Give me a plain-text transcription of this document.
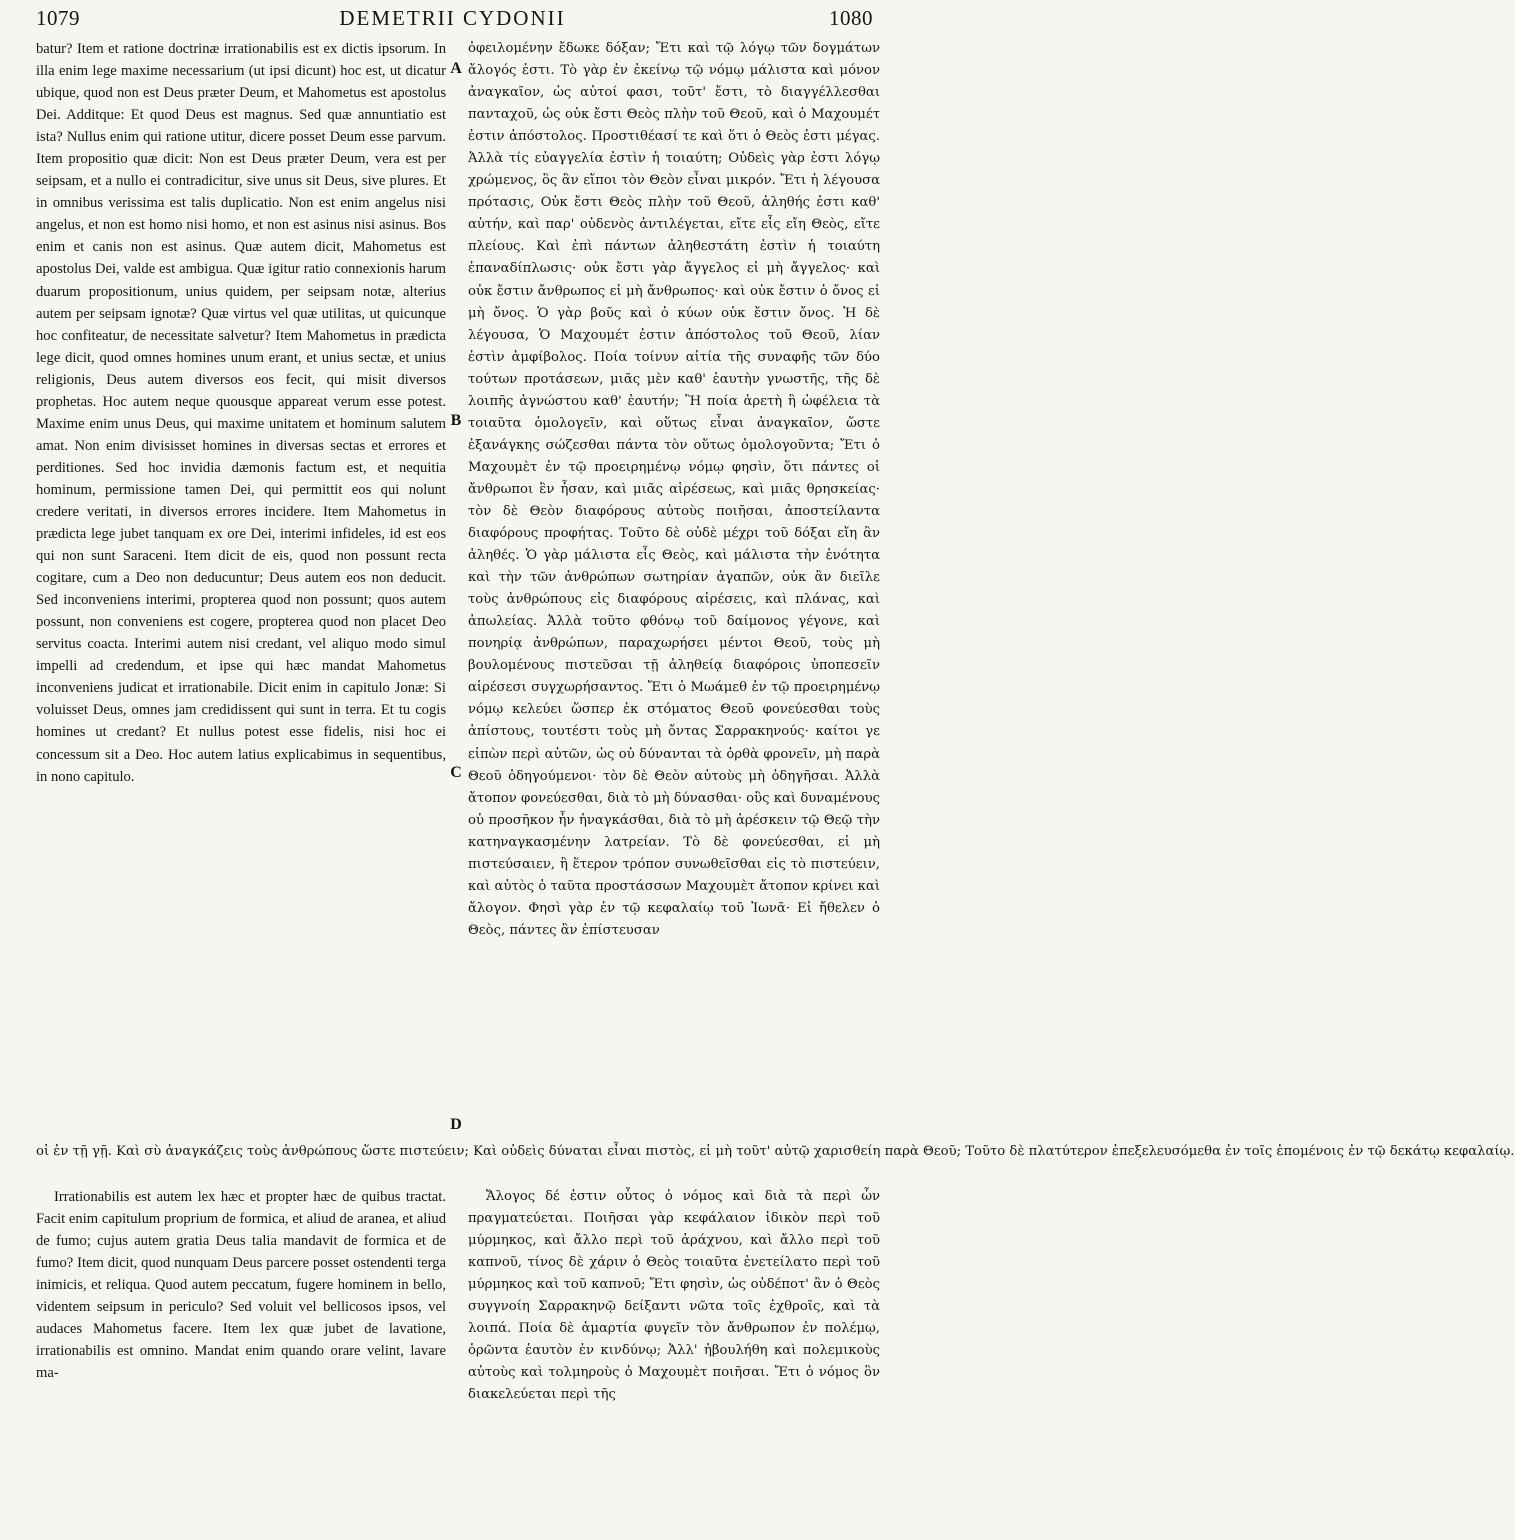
1079	DEMETRII CYDONII	1080

batur? Item et ratione doctrinæ irrationabilis est ex dictis ipsorum. In illa enim lege maxime necessarium (ut ipsi dicunt) hoc est, ut dicatur ubique, quod non est Deus præter Deum, et Mahometus est apostolus Dei. Additque: Et quod Deus est magnus. Sed quæ annuntiatio est ista? Nullus enim qui ratione utitur, dicere posset Deum esse parvum. Item propositio quæ dicit: Non est Deus præter Deum, vera est per seipsam, et a nullo ei contradicitur, sive unus sit Deus, sive plures. Et in omnibus verissima est talis duplicatio. Non est enim angelus nisi angelus, et non est homo nisi homo, et non est asinus nisi asinus. Bos enim et canis non est asinus. Quæ autem dicit, Mahometus est apostolus Dei, valde est ambigua. Quæ igitur ratio connexionis harum duarum propositionum, unius quidem, per seipsam notæ, alterius autem per seipsam ignotæ? Quæ virtus vel quæ utilitas, ut quicunque hoc confiteatur, de necessitate salvetur? Item Mahometus in prædicta lege dicit, quod omnes homines unum erant, et unius sectæ, et unius religionis, Deus autem diversos eos fecit, qui misit diversos prophetas. Hoc autem neque quousque appareat verum esse potest. Maxime enim unus Deus, qui maxime unitatem et hominum salutem amat. Non enim divisisset homines in diversas sectas et errores et perditiones. Sed hoc invidia dæmonis factum est, et nequitia hominum, permissione tamen Dei, qui permittit eos qui nolunt credere veritati, in diversos errores incidere. Item Mahometus in prædicta lege jubet tanquam ex ore Dei, interimi infideles, id est eos qui non sunt Saraceni. Item dicit de eis, quod non possunt recta cogitare, cum a Deo non deducuntur; Deus autem eos non deducit. Sed inconveniens interimi, propterea quod non possunt; quos autem possunt, non conveniens est cogere, propterea quod non placet Deo servitus coacta. Interimi autem nisi credant, vel aliquo modo simul impelli ad credendum, et ipse qui hæc mandat Mahometus inconveniens judicat et irrationabile. Dicit enim in capitulo Jonæ: Si voluisset Deus, omnes jam credidissent qui sunt in terra. Et tu cogis homines ut credant? Et nullus potest esse fidelis, nisi hoc ei concessum sit a Deo. Hoc autem latius explicabimus in sequentibus, in nono capitulo.

ὀφειλομένην ἔδωκε δόξαν; Ἔτι καὶ τῷ λόγῳ τῶν δογμάτων ἄλογός ἐστι. Τὸ γὰρ ἐν ἐκείνῳ τῷ νόμῳ μάλιστα καὶ μόνον ἀναγκαῖον, ὡς αὐτοί φασι, τοῦτ' ἔστι, τὸ διαγγέλλεσθαι πανταχοῦ, ὡς οὐκ ἔστι Θεὸς πλὴν τοῦ Θεοῦ, καὶ ὁ Μαχουμέτ ἐστιν ἀπόστολος. Προστιθέασί τε καὶ ὅτι ὁ Θεὸς ἐστι μέγας. Ἀλλὰ τίς εὐαγγελία ἐστὶν ἡ τοιαύτη; Οὐδεὶς γὰρ ἐστι λόγῳ χρώμενος, ὃς ἂν εἴποι τὸν Θεὸν εἶναι μικρόν. Ἔτι ἡ λέγουσα πρότασις, Οὐκ ἔστι Θεὸς πλὴν τοῦ Θεοῦ, ἀληθής ἐστι καθ' αὑτήν, καὶ παρ' οὐδενὸς ἀντιλέγεται, εἴτε εἷς εἴη Θεὸς, εἴτε πλείους. Καὶ ἐπὶ πάντων ἀληθεστάτη ἐστὶν ἡ τοιαύτη ἐπαναδίπλωσις· οὐκ ἔστι γὰρ ἄγγελος εἰ μὴ ἄγγελος· καὶ οὐκ ἔστιν ἄνθρωπος εἰ μὴ ἄνθρωπος· καὶ οὐκ ἔστιν ὁ ὄνος εἰ μὴ ὄνος. Ὁ γὰρ βοῦς καὶ ὁ κύων οὐκ ἔστιν ὄνος. Ἡ δὲ λέγουσα, Ὁ Μαχουμέτ ἐστιν ἀπόστολος τοῦ Θεοῦ, λίαν ἐστὶν ἀμφίβολος. Ποία τοίνυν αἰτία τῆς συναφῆς τῶν δύο τούτων προτάσεων, μιᾶς μὲν καθ' ἑαυτὴν γνωστῆς, τῆς δὲ λοιπῆς ἀγνώστου καθ' ἑαυτήν; Ἢ ποία ἀρετὴ ἢ ὠφέλεια τὰ τοιαῦτα ὁμολογεῖν, καὶ οὕτως εἶναι ἀναγκαῖον, ὥστε ἐξανάγκης σώζεσθαι πάντα τὸν οὕτως ὁμολογοῦντα; Ἔτι ὁ Μαχουμὲτ ἐν τῷ προειρημένῳ νόμῳ φησὶν, ὅτι πάντες οἱ ἄνθρωποι ἓν ἦσαν, καὶ μιᾶς αἱρέσεως, καὶ μιᾶς θρησκείας· τὸν δὲ Θεὸν διαφόρους αὐτοὺς ποιῆσαι, ἀποστείλαντα διαφόρους προφήτας. Τοῦτο δὲ οὐδὲ μέχρι τοῦ δόξαι εἴη ἂν ἀληθές. Ὁ γὰρ μάλιστα εἷς Θεὸς, καὶ μάλιστα τὴν ἑνότητα καὶ τὴν τῶν ἀνθρώπων σωτηρίαν ἀγαπῶν, οὐκ ἂν διεῖλε τοὺς ἀνθρώπους εἰς διαφόρους αἱρέσεις, καὶ πλάνας, καὶ ἀπωλείας. Ἀλλὰ τοῦτο φθόνῳ τοῦ δαίμονος γέγονε, καὶ πονηρίᾳ ἀνθρώπων, παραχωρήσει μέντοι Θεοῦ, τοὺς μὴ βουλομένους πιστεῦσαι τῇ ἀληθείᾳ διαφόροις ὑποπεσεῖν αἱρέσεσι συγχωρήσαντος. Ἔτι ὁ Μωάμεθ ἐν τῷ προειρημένῳ νόμῳ κελεύει ὥσπερ ἐκ στόματος Θεοῦ φονεύεσθαι τοὺς ἀπίστους, τουτέστι τοὺς μὴ ὄντας Σαρρακηνούς· καίτοι γε εἰπὼν περὶ αὐτῶν, ὡς οὐ δύνανται τὰ ὀρθὰ φρονεῖν, μὴ παρὰ Θεοῦ ὁδηγούμενοι· τὸν δὲ Θεὸν αὐτοὺς μὴ ὁδηγῆσαι. Ἀλλὰ ἄτοπον φονεύεσθαι, διὰ τὸ μὴ δύνασθαι· οὓς καὶ δυναμένους οὐ προσῆκον ἦν ἠναγκάσθαι, διὰ τὸ μὴ ἀρέσκειν τῷ Θεῷ τὴν κατηναγκασμένην λατρείαν. Τὸ δὲ φονεύεσθαι, εἰ μὴ πιστεύσαιεν, ἢ ἕτερον τρόπον συνωθεῖσθαι εἰς τὸ πιστεύειν, καὶ αὐτὸς ὁ ταῦτα προστάσσων Μαχουμὲτ ἄτοπον κρίνει καὶ ἄλογον. Φησὶ γὰρ ἐν τῷ κεφαλαίῳ τοῦ Ἰωνᾶ· Εἰ ἤθελεν ὁ Θεὸς, πάντες ἂν ἐπίστευσαν

A
B
C
D
οἱ ἐν τῇ γῇ. Καὶ σὺ ἀναγκάζεις τοὺς ἀνθρώπους ὥστε πιστεύειν; Καὶ οὐδεὶς δύναται εἶναι πιστὸς, εἰ μὴ τοῦτ' αὐτῷ χαρισθείη παρὰ Θεοῦ; Τοῦτο δὲ πλατύτερον ἐπεξελευσόμεθα ἐν τοῖς ἑπομένοις ἐν τῷ δεκάτῳ κεφαλαίῳ.

Irrationabilis est autem lex hæc et propter hæc de quibus tractat. Facit enim capitulum proprium de formica, et aliud de aranea, et aliud de fumo; cujus autem gratia Deus talia mandavit de formica et de fumo? Item dicit, quod nunquam Deus parcere posset ostendenti terga inimicis, et reliqua. Quod autem peccatum, fugere hominem in bello, videntem seipsum in periculo? Sed voluit vel bellicosos ipsos, vel audaces Mahometus facere. Item lex quæ jubet de lavatione, irrationabilis est omnino. Mandat enim quando orare velint, lavare ma-

Ἄλογος δέ ἐστιν οὗτος ὁ νόμος καὶ διὰ τὰ περὶ ὧν πραγματεύεται. Ποιῆσαι γὰρ κεφάλαιον ἰδικὸν περὶ τοῦ μύρμηκος, καὶ ἄλλο περὶ τοῦ ἀράχνου, καὶ ἄλλο περὶ τοῦ καπνοῦ, τίνος δὲ χάριν ὁ Θεὸς τοιαῦτα ἐνετείλατο περὶ τοῦ μύρμηκος καὶ τοῦ καπνοῦ; Ἔτι φησὶν, ὡς οὐδέποτ' ἂν ὁ Θεὸς συγγνοίη Σαρρακηνῷ δείξαντι νῶτα τοῖς ἐχθροῖς, καὶ τὰ λοιπά. Ποία δὲ ἁμαρτία φυγεῖν τὸν ἄνθρωπον ἐν πολέμῳ, ὁρῶντα ἑαυτὸν ἐν κινδύνῳ; Ἀλλ' ἠβουλήθη καὶ πολεμικοὺς αὐτοὺς καὶ τολμηροὺς ὁ Μαχουμὲτ ποιῆσαι. Ἔτι ὁ νόμος ὃν διακελεύεται περὶ τῆς
